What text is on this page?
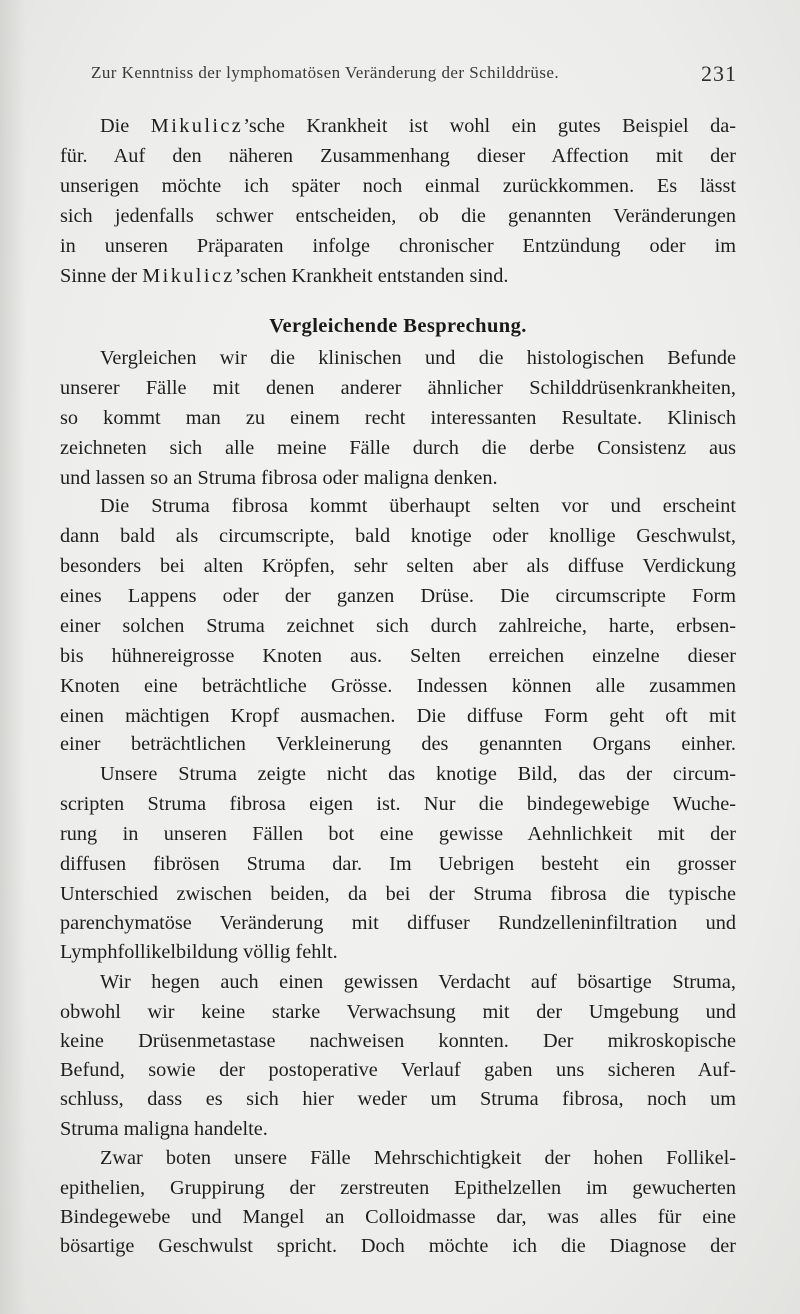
Zur Kenntniss der lymphomatösen Veränderung der Schilddrüse.	231
Die Mikulicz’sche Krankheit ist wohl ein gutes Beispiel da-
für. Auf den näheren Zusammenhang dieser Affection mit der
unserigen möchte ich später noch einmal zurückkommen. Es lässt
sich jedenfalls schwer entscheiden, ob die genannten Veränderungen
in unseren Präparaten infolge chronischer Entzündung oder im
Sinne der Mikulicz’schen Krankheit entstanden sind.
Vergleichende Besprechung.
Vergleichen wir die klinischen und die histologischen Befunde
unserer Fälle mit denen anderer ähnlicher Schilddrüsenkrankheiten,
so kommt man zu einem recht interessanten Resultate. Klinisch
zeichneten sich alle meine Fälle durch die derbe Consistenz aus
und lassen so an Struma fibrosa oder maligna denken.
Die Struma fibrosa kommt überhaupt selten vor und erscheint
dann bald als circumscripte, bald knotige oder knollige Geschwulst,
besonders bei alten Kröpfen, sehr selten aber als diffuse Verdickung
eines Lappens oder der ganzen Drüse. Die circumscripte Form
einer solchen Struma zeichnet sich durch zahlreiche, harte, erbsen-
bis hühnereigrosse Knoten aus. Selten erreichen einzelne dieser
Knoten eine beträchtliche Grösse. Indessen können alle zusammen
einen mächtigen Kropf ausmachen. Die diffuse Form geht oft mit
einer beträchtlichen Verkleinerung des genannten Organs einher.
Unsere Struma zeigte nicht das knotige Bild, das der circum-
scripten Struma fibrosa eigen ist. Nur die bindegewebige Wuche-
rung in unseren Fällen bot eine gewisse Aehnlichkeit mit der
diffusen fibrösen Struma dar. Im Uebrigen besteht ein grosser
Unterschied zwischen beiden, da bei der Struma fibrosa die typische
parenchymatöse Veränderung mit diffuser Rundzelleninfiltration und
Lymphfollikelbildung völlig fehlt.
Wir hegen auch einen gewissen Verdacht auf bösartige Struma,
obwohl wir keine starke Verwachsung mit der Umgebung und
keine Drüsenmetastase nachweisen konnten. Der mikroskopische
Befund, sowie der postoperative Verlauf gaben uns sicheren Auf-
schluss, dass es sich hier weder um Struma fibrosa, noch um
Struma maligna handelte.
Zwar boten unsere Fälle Mehrschichtigkeit der hohen Follikel-
epithelien, Gruppirung der zerstreuten Epithelzellen im gewucherten
Bindegewebe und Mangel an Colloidmasse dar, was alles für eine
bösartige Geschwulst spricht. Doch möchte ich die Diagnose der
